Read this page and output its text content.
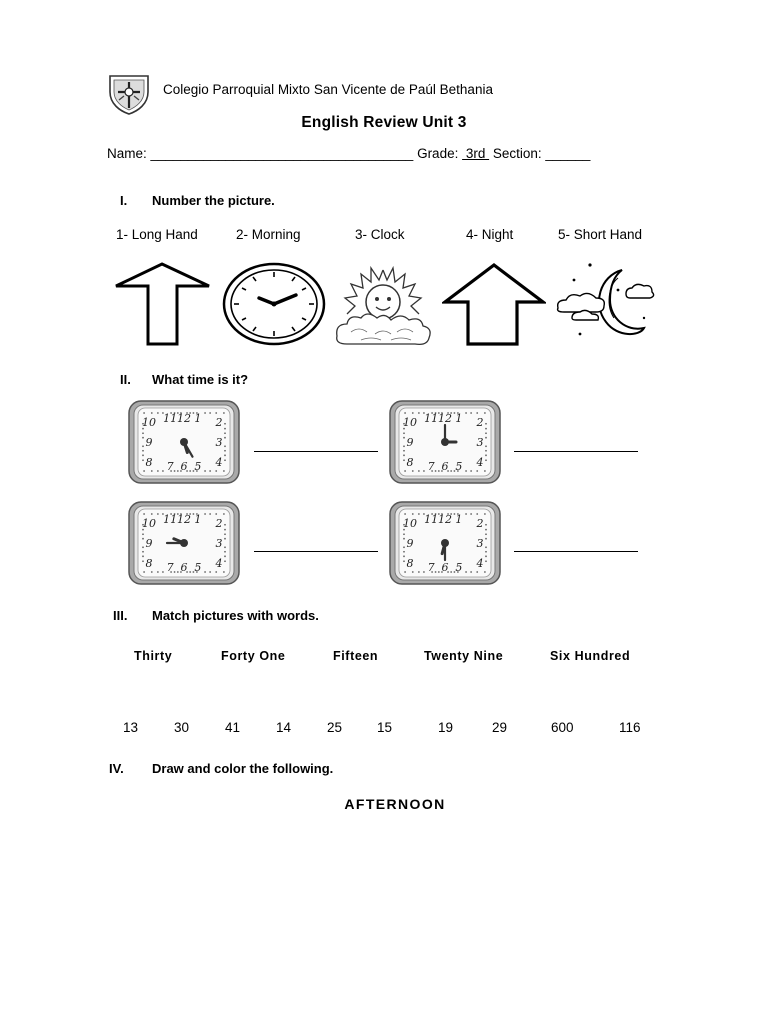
Colegio Parroquial Mixto San Vicente de Paúl Bethania
English Review Unit 3
Name: ___________________________________ Grade:  3rd  Section: ______
I. Number the picture.
1- Long Hand	2- Morning	3- Clock	4- Night	5- Short Hand
II. What time is it?
12 1 2
3
4
5
6
7
8
9
10 11	12 1 2
3
4
5
6
7
8
9
10 11
12 1 2
3
4
5
6
7
8
9
10 11	12 1 2
3
4
5
6
7
8
9
10 11
III. Match pictures with words.
Thirty	Forty One	Fifteen	Twenty Nine	Six Hundred
13	30	41	14	25	15	19	29	600	116
IV. Draw and color the following.
AFTERNOON
